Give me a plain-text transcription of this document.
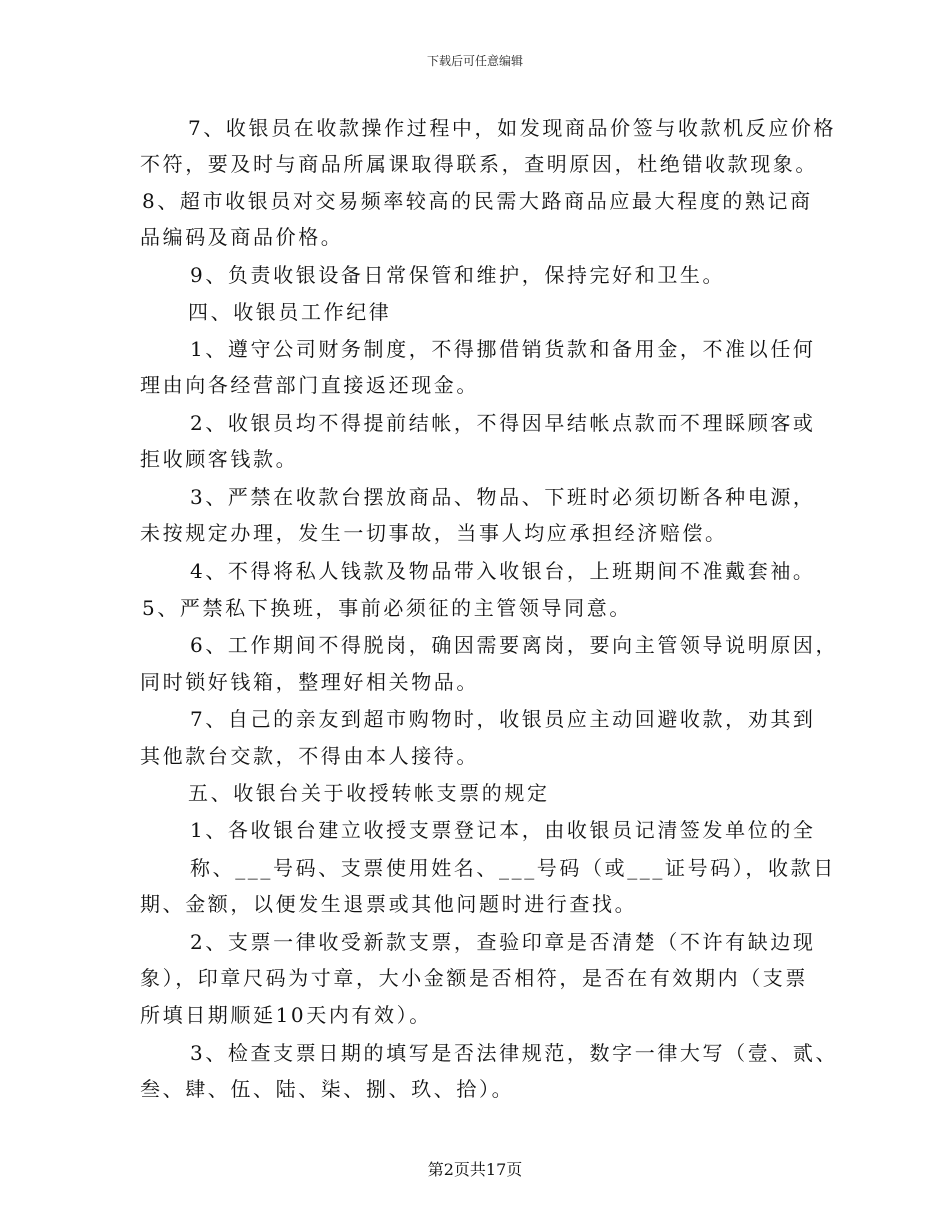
下载后可任意编辑
7、收银员在收款操作过程中，如发现商品价签与收款机反应价格
不符，要及时与商品所属课取得联系，查明原因，杜绝错收款现象。
8、超市收银员对交易频率较高的民需大路商品应最大程度的熟记商
品编码及商品价格。
9、负责收银设备日常保管和维护，保持完好和卫生。
四、收银员工作纪律
1、遵守公司财务制度，不得挪借销货款和备用金，不准以任何
理由向各经营部门直接返还现金。
2、收银员均不得提前结帐，不得因早结帐点款而不理睬顾客或
拒收顾客钱款。
3、严禁在收款台摆放商品、物品、下班时必须切断各种电源，
未按规定办理，发生一切事故，当事人均应承担经济赔偿。
4、不得将私人钱款及物品带入收银台，上班期间不准戴套袖。
5、严禁私下换班，事前必须征的主管领导同意。
6、工作期间不得脱岗，确因需要离岗，要向主管领导说明原因，
同时锁好钱箱，整理好相关物品。
7、自己的亲友到超市购物时，收银员应主动回避收款，劝其到
其他款台交款，不得由本人接待。
五、收银台关于收授转帐支票的规定
1、各收银台建立收授支票登记本，由收银员记清签发单位的全
称、___号码、支票使用姓名、___号码（或___证号码），收款日
期、金额，以便发生退票或其他问题时进行查找。
2、支票一律收受新款支票，查验印章是否清楚（不许有缺边现
象），印章尺码为寸章，大小金额是否相符，是否在有效期内（支票
所填日期顺延10天内有效）。
3、检查支票日期的填写是否法律规范，数字一律大写（壹、贰、
叁、肆、伍、陆、柒、捌、玖、拾）。
第2页共17页
